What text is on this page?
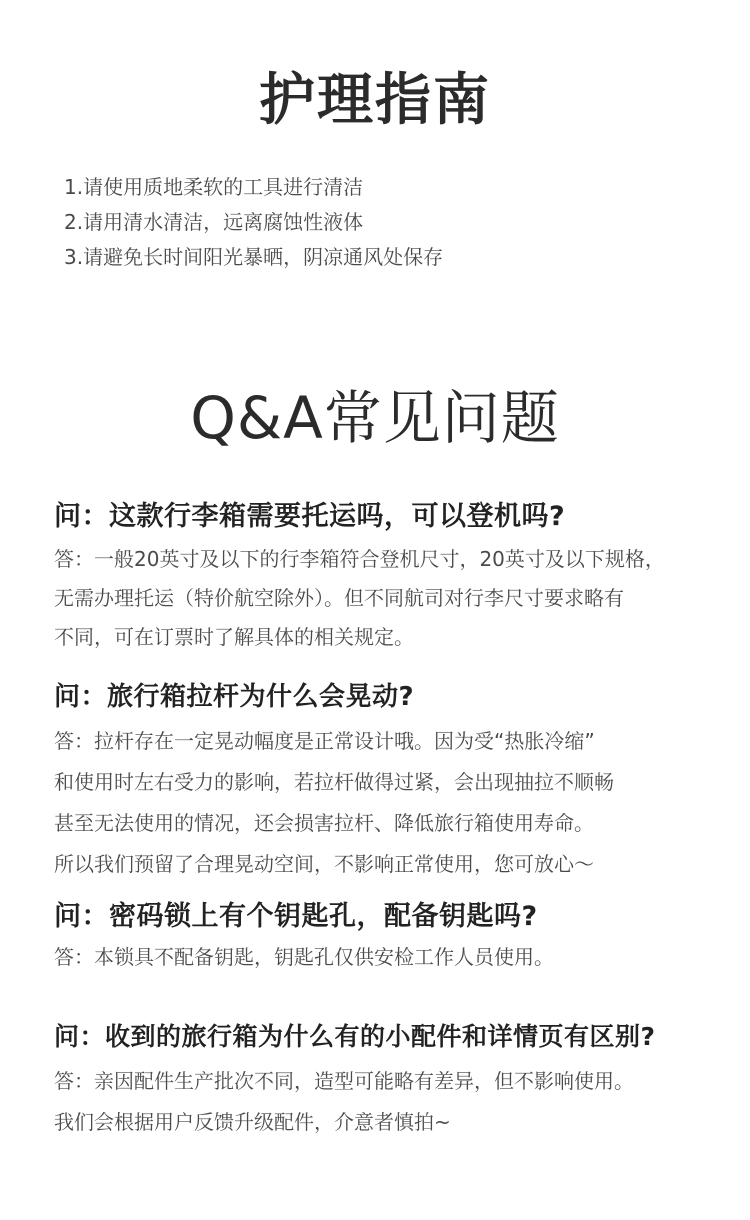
护理指南
1.请使用质地柔软的工具进行清洁
2.请用清水清洁，远离腐蚀性液体
3.请避免长时间阳光暴晒，阴凉通风处保存
Q&A常见问题
问：这款行李箱需要托运吗，可以登机吗?
答：一般20英寸及以下的行李箱符合登机尺寸，20英寸及以下规格，
无需办理托运（特价航空除外）。但不同航司对行李尺寸要求略有
不同，可在订票时了解具体的相关规定。
问：旅行箱拉杆为什么会晃动?
答：拉杆存在一定晃动幅度是正常设计哦。因为受“热胀冷缩”
和使用时左右受力的影响，若拉杆做得过紧，会出现抽拉不顺畅
甚至无法使用的情况，还会损害拉杆、降低旅行箱使用寿命。
所以我们预留了合理晃动空间，不影响正常使用，您可放心～
问：密码锁上有个钥匙孔，配备钥匙吗?
答：本锁具不配备钥匙，钥匙孔仅供安检工作人员使用。
问：收到的旅行箱为什么有的小配件和详情页有区别?
答：亲因配件生产批次不同，造型可能略有差异，但不影响使用。
我们会根据用户反馈升级配件，介意者慎拍~
